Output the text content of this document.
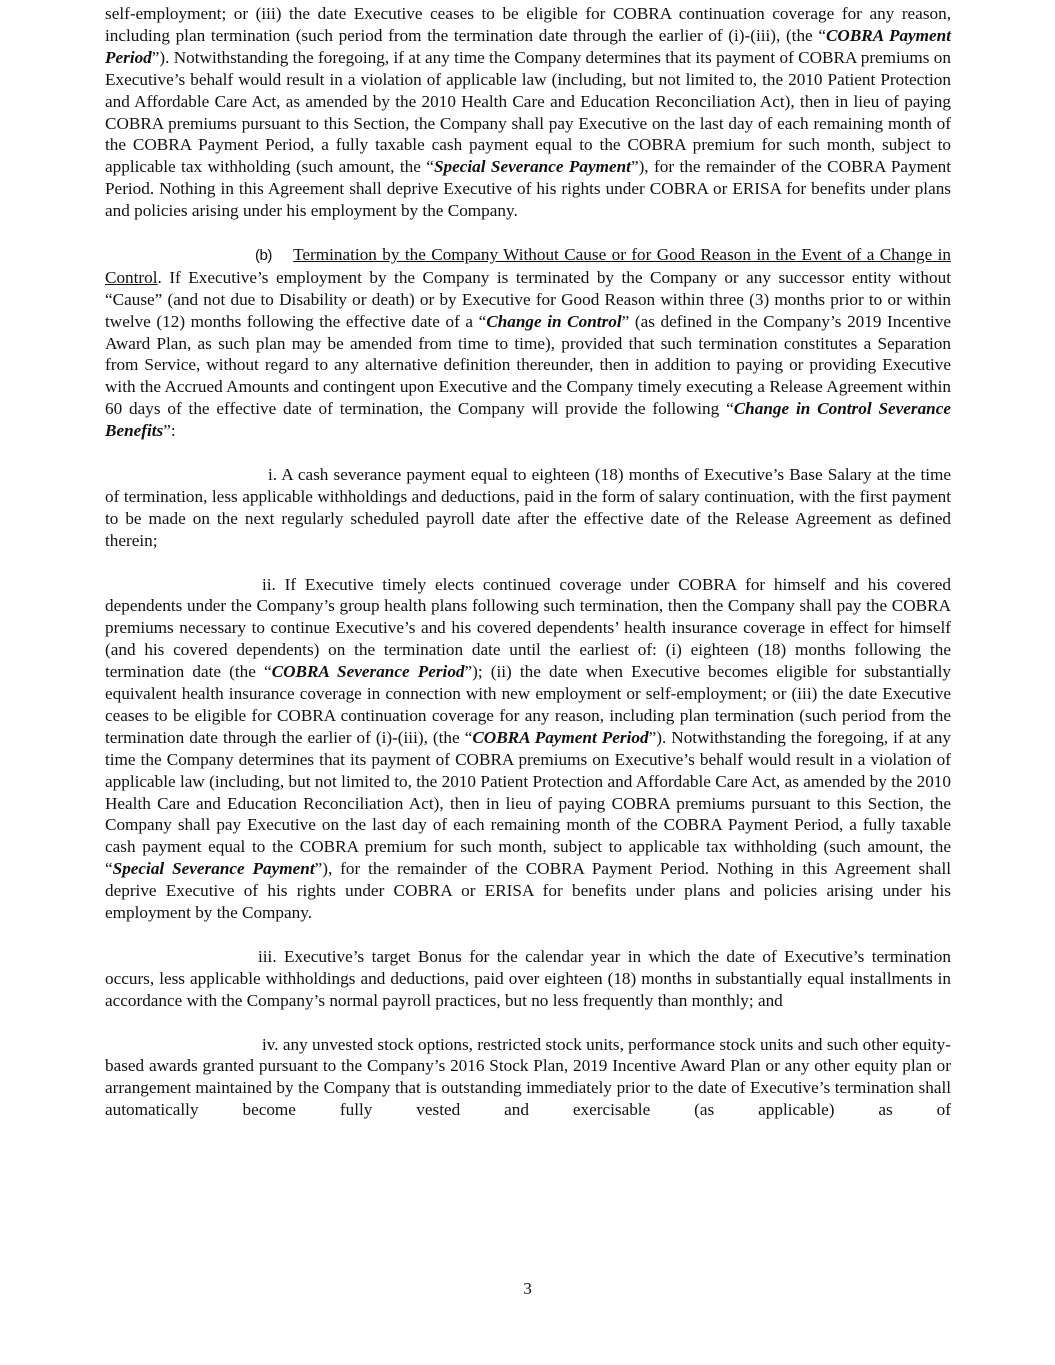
self-employment; or (iii) the date Executive ceases to be eligible for COBRA continuation coverage for any reason, including plan termination (such period from the termination date through the earlier of (i)-(iii), (the “COBRA Payment Period”). Notwithstanding the foregoing, if at any time the Company determines that its payment of COBRA premiums on Executive’s behalf would result in a violation of applicable law (including, but not limited to, the 2010 Patient Protection and Affordable Care Act, as amended by the 2010 Health Care and Education Reconciliation Act), then in lieu of paying COBRA premiums pursuant to this Section, the Company shall pay Executive on the last day of each remaining month of the COBRA Payment Period, a fully taxable cash payment equal to the COBRA premium for such month, subject to applicable tax withholding (such amount, the “Special Severance Payment”), for the remainder of the COBRA Payment Period. Nothing in this Agreement shall deprive Executive of his rights under COBRA or ERISA for benefits under plans and policies arising under his employment by the Company.

(b) Termination by the Company Without Cause or for Good Reason in the Event of a Change in Control. If Executive’s employment by the Company is terminated by the Company or any successor entity without “Cause” (and not due to Disability or death) or by Executive for Good Reason within three (3) months prior to or within twelve (12) months following the effective date of a “Change in Control” (as defined in the Company’s 2019 Incentive Award Plan, as such plan may be amended from time to time), provided that such termination constitutes a Separation from Service, without regard to any alternative definition thereunder, then in addition to paying or providing Executive with the Accrued Amounts and contingent upon Executive and the Company timely executing a Release Agreement within 60 days of the effective date of termination, the Company will provide the following “Change in Control Severance Benefits”:

i. A cash severance payment equal to eighteen (18) months of Executive’s Base Salary at the time of termination, less applicable withholdings and deductions, paid in the form of salary continuation, with the first payment to be made on the next regularly scheduled payroll date after the effective date of the Release Agreement as defined therein;

ii. If Executive timely elects continued coverage under COBRA for himself and his covered dependents under the Company’s group health plans following such termination, then the Company shall pay the COBRA premiums necessary to continue Executive’s and his covered dependents’ health insurance coverage in effect for himself (and his covered dependents) on the termination date until the earliest of: (i) eighteen (18) months following the termination date (the “COBRA Severance Period”); (ii) the date when Executive becomes eligible for substantially equivalent health insurance coverage in connection with new employment or self-employment; or (iii) the date Executive ceases to be eligible for COBRA continuation coverage for any reason, including plan termination (such period from the termination date through the earlier of (i)-(iii), (the “COBRA Payment Period”). Notwithstanding the foregoing, if at any time the Company determines that its payment of COBRA premiums on Executive’s behalf would result in a violation of applicable law (including, but not limited to, the 2010 Patient Protection and Affordable Care Act, as amended by the 2010 Health Care and Education Reconciliation Act), then in lieu of paying COBRA premiums pursuant to this Section, the Company shall pay Executive on the last day of each remaining month of the COBRA Payment Period, a fully taxable cash payment equal to the COBRA premium for such month, subject to applicable tax withholding (such amount, the “Special Severance Payment”), for the remainder of the COBRA Payment Period. Nothing in this Agreement shall deprive Executive of his rights under COBRA or ERISA for benefits under plans and policies arising under his employment by the Company.

iii. Executive’s target Bonus for the calendar year in which the date of Executive’s termination occurs, less applicable withholdings and deductions, paid over eighteen (18) months in substantially equal installments in accordance with the Company’s normal payroll practices, but no less frequently than monthly; and

iv. any unvested stock options, restricted stock units, performance stock units and such other equity-based awards granted pursuant to the Company’s 2016 Stock Plan, 2019 Incentive Award Plan or any other equity plan or arrangement maintained by the Company that is outstanding immediately prior to the date of Executive’s termination shall automatically become fully vested and exercisable (as applicable) as of

3
